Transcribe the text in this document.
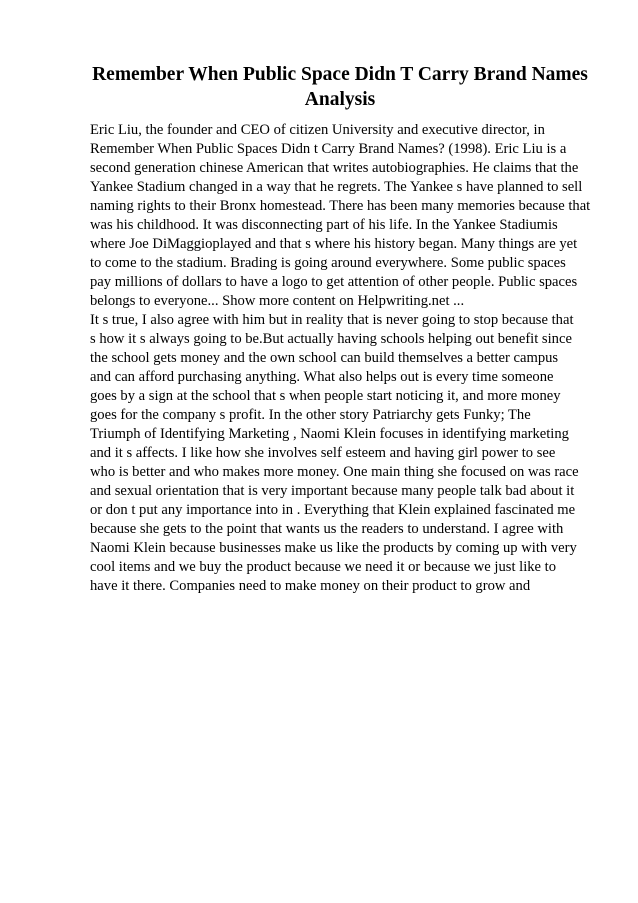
Remember When Public Space Didn T Carry Brand Names
Analysis
Eric Liu, the founder and CEO of citizen University and executive director, in
Remember When Public Spaces Didn t Carry Brand Names? (1998). Eric Liu is a
second generation chinese American that writes autobiographies. He claims that the
Yankee Stadium changed in a way that he regrets. The Yankee s have planned to sell
naming rights to their Bronx homestead. There has been many memories because that
was his childhood. It was disconnecting part of his life. In the Yankee Stadiumis
where Joe DiMaggioplayed and that s where his history began. Many things are yet
to come to the stadium. Brading is going around everywhere. Some public spaces
pay millions of dollars to have a logo to get attention of other people. Public spaces
belongs to everyone... Show more content on Helpwriting.net ...
It s true, I also agree with him but in reality that is never going to stop because that
s how it s always going to be.But actually having schools helping out benefit since
the school gets money and the own school can build themselves a better campus
and can afford purchasing anything. What also helps out is every time someone
goes by a sign at the school that s when people start noticing it, and more money
goes for the company s profit. In the other story Patriarchy gets Funky; The
Triumph of Identifying Marketing , Naomi Klein focuses in identifying marketing
and it s affects. I like how she involves self esteem and having girl power to see
who is better and who makes more money. One main thing she focused on was race
and sexual orientation that is very important because many people talk bad about it
or don t put any importance into in . Everything that Klein explained fascinated me
because she gets to the point that wants us the readers to understand. I agree with
Naomi Klein because businesses make us like the products by coming up with very
cool items and we buy the product because we need it or because we just like to
have it there. Companies need to make money on their product to grow and
